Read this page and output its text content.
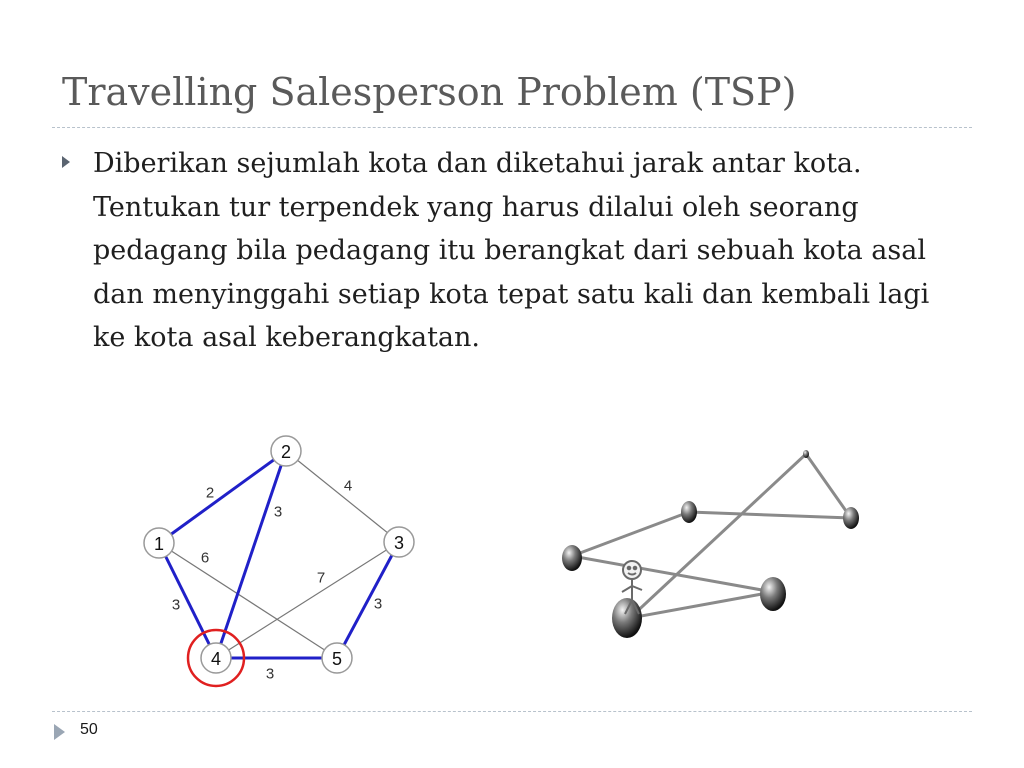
Travelling Salesperson Problem (TSP)
Diberikan sejumlah kota dan diketahui jarak antar kota. Tentukan tur terpendek yang harus dilalui oleh seorang pedagang bila pedagang itu berangkat dari sebuah kota asal dan menyinggahi setiap kota tepat satu kali dan kembali lagi ke kota asal keberangkatan.
2
3
4
6
7
3	3
3
1
2
3
4	5
50
